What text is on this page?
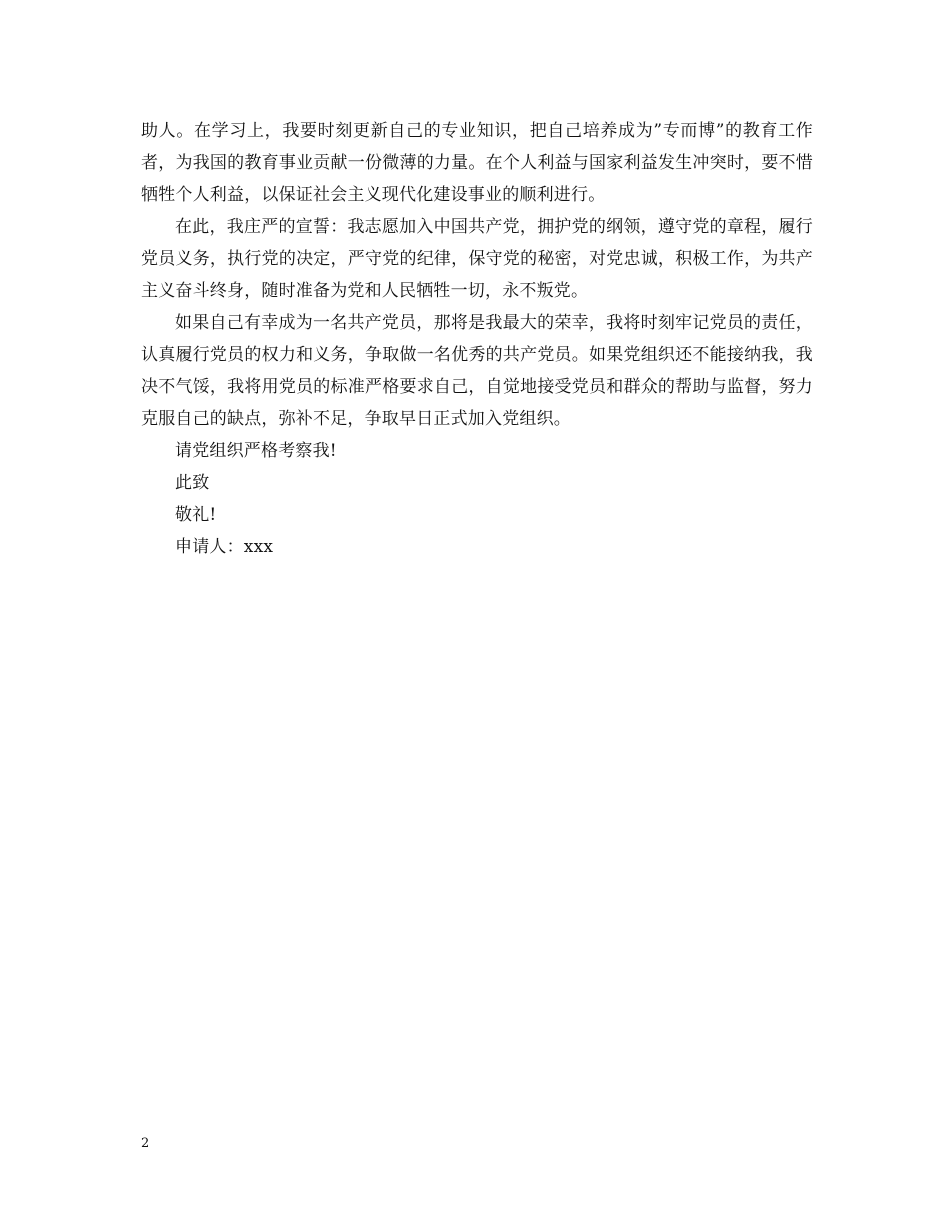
助人。在学习上，我要时刻更新自己的专业知识，把自己培养成为”专而博”的教育工作者，为我国的教育事业贡献一份微薄的力量。在个人利益与国家利益发生冲突时，要不惜牺牲个人利益，以保证社会主义现代化建设事业的顺利进行。

在此，我庄严的宣誓：我志愿加入中国共产党，拥护党的纲领，遵守党的章程，履行党员义务，执行党的决定，严守党的纪律，保守党的秘密，对党忠诚，积极工作，为共产主义奋斗终身，随时准备为党和人民牺牲一切，永不叛党。

如果自己有幸成为一名共产党员，那将是我最大的荣幸，我将时刻牢记党员的责任，认真履行党员的权力和义务，争取做一名优秀的共产党员。如果党组织还不能接纳我，我决不气馁，我将用党员的标准严格要求自己，自觉地接受党员和群众的帮助与监督，努力克服自己的缺点，弥补不足，争取早日正式加入党组织。

请党组织严格考察我!

此致

敬礼!

申请人：xxx

2
